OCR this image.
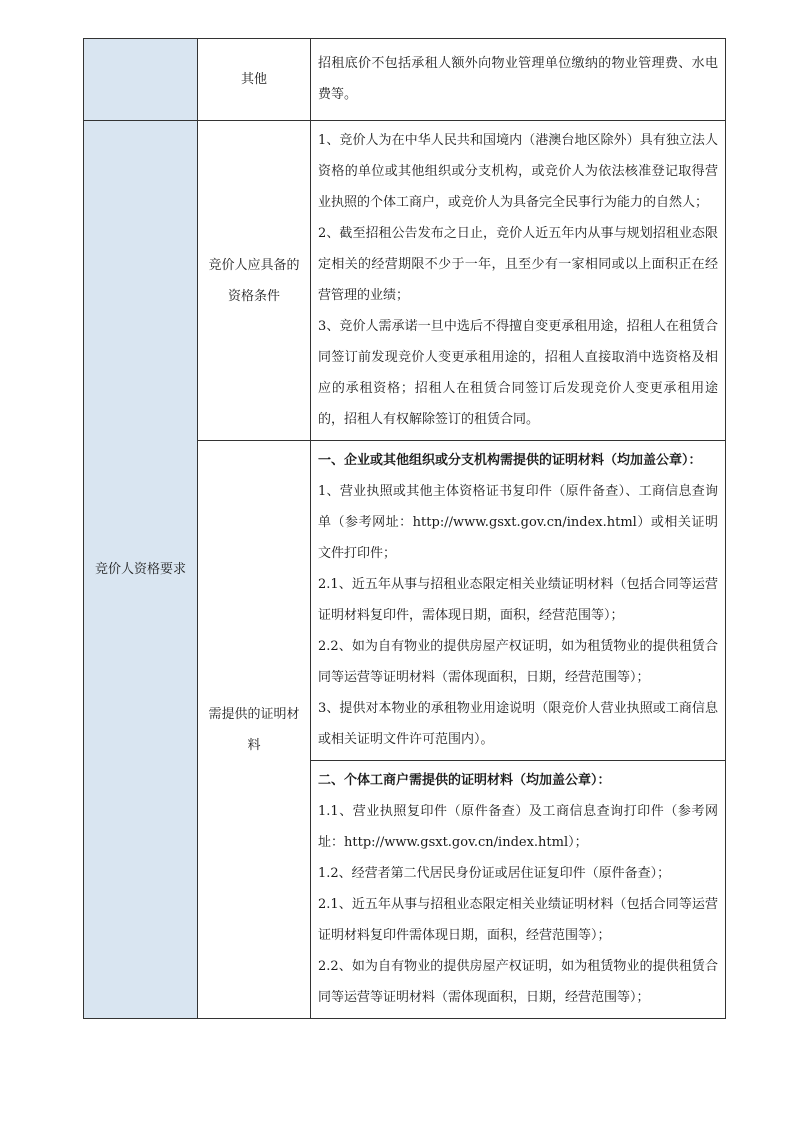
	其他	招租底价不包括承租人额外向物业管理单位缴纳的物业管理费、水电费等。

竞价人资格要求	竞价人应具备的资格条件	1、竞价人为在中华人民共和国境内（港澳台地区除外）具有独立法人资格的单位或其他组织或分支机构，或竞价人为依法核准登记取得营业执照的个体工商户，或竞价人为具备完全民事行为能力的自然人；
2、截至招租公告发布之日止，竞价人近五年内从事与规划招租业态限定相关的经营期限不少于一年，且至少有一家相同或以上面积正在经营管理的业绩；
3、竞价人需承诺一旦中选后不得擅自变更承租用途，招租人在租赁合同签订前发现竞价人变更承租用途的，招租人直接取消中选资格及相应的承租资格；招租人在租赁合同签订后发现竞价人变更承租用途的，招租人有权解除签订的租赁合同。

	需提供的证明材料	一、企业或其他组织或分支机构需提供的证明材料（均加盖公章）：
1、营业执照或其他主体资格证书复印件（原件备查）、工商信息查询单（参考网址：http://www.gsxt.gov.cn/index.html）或相关证明文件打印件；
2.1、近五年从事与招租业态限定相关业绩证明材料（包括合同等运营证明材料复印件，需体现日期，面积，经营范围等）；
2.2、如为自有物业的提供房屋产权证明，如为租赁物业的提供租赁合同等运营等证明材料（需体现面积，日期，经营范围等）；
3、提供对本物业的承租物业用途说明（限竞价人营业执照或工商信息或相关证明文件许可范围内）。

		二、个体工商户需提供的证明材料（均加盖公章）：
1.1、营业执照复印件（原件备查）及工商信息查询打印件（参考网址：http://www.gsxt.gov.cn/index.html）；
1.2、经营者第二代居民身份证或居住证复印件（原件备查）；
2.1、近五年从事与招租业态限定相关业绩证明材料（包括合同等运营证明材料复印件需体现日期，面积，经营范围等）；
2.2、如为自有物业的提供房屋产权证明，如为租赁物业的提供租赁合同等运营等证明材料（需体现面积，日期，经营范围等）；
